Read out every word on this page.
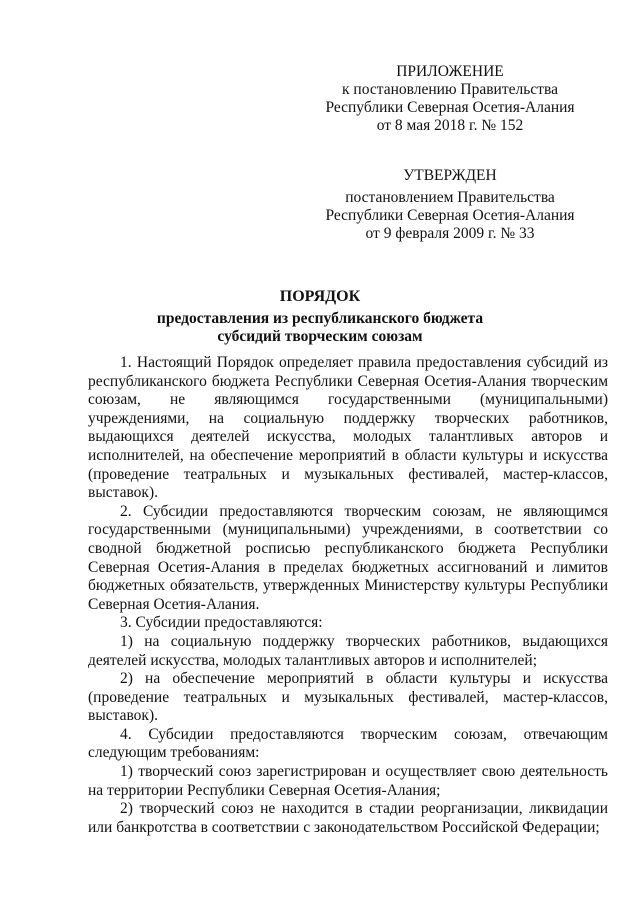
ПРИЛОЖЕНИЕ
к постановлению Правительства
Республики Северная Осетия-Алания
от 8 мая 2018 г. № 152
УТВЕРЖДЕН
постановлением Правительства
Республики Северная Осетия-Алания
от 9 февраля 2009 г. № 33
ПОРЯДОК
предоставления из республиканского бюджета
субсидий творческим союзам

1. Настоящий Порядок определяет правила предоставления субсидий из республиканского бюджета Республики Северная Осетия-Алания творческим союзам, не являющимся государственными (муниципальными) учреждениями, на социальную поддержку творческих работников, выдающихся деятелей искусства, молодых талантливых авторов и исполнителей, на обеспечение мероприятий в области культуры и искусства (проведение театральных и музыкальных фестивалей, мастер-классов, выставок).

2. Субсидии предоставляются творческим союзам, не являющимся государственными (муниципальными) учреждениями, в соответствии со сводной бюджетной росписью республиканского бюджета Республики Северная Осетия-Алания в пределах бюджетных ассигнований и лимитов бюджетных обязательств, утвержденных Министерству культуры Республики Северная Осетия-Алания.

3. Субсидии предоставляются:

1) на социальную поддержку творческих работников, выдающихся деятелей искусства, молодых талантливых авторов и исполнителей;

2) на обеспечение мероприятий в области культуры и искусства (проведение театральных и музыкальных фестивалей, мастер-классов, выставок).

4. Субсидии предоставляются творческим союзам, отвечающим следующим требованиям:

1) творческий союз зарегистрирован и осуществляет свою деятельность на территории Республики Северная Осетия-Алания;

2) творческий союз не находится в стадии реорганизации, ликвидации или банкротства в соответствии с законодательством Российской Федерации;
